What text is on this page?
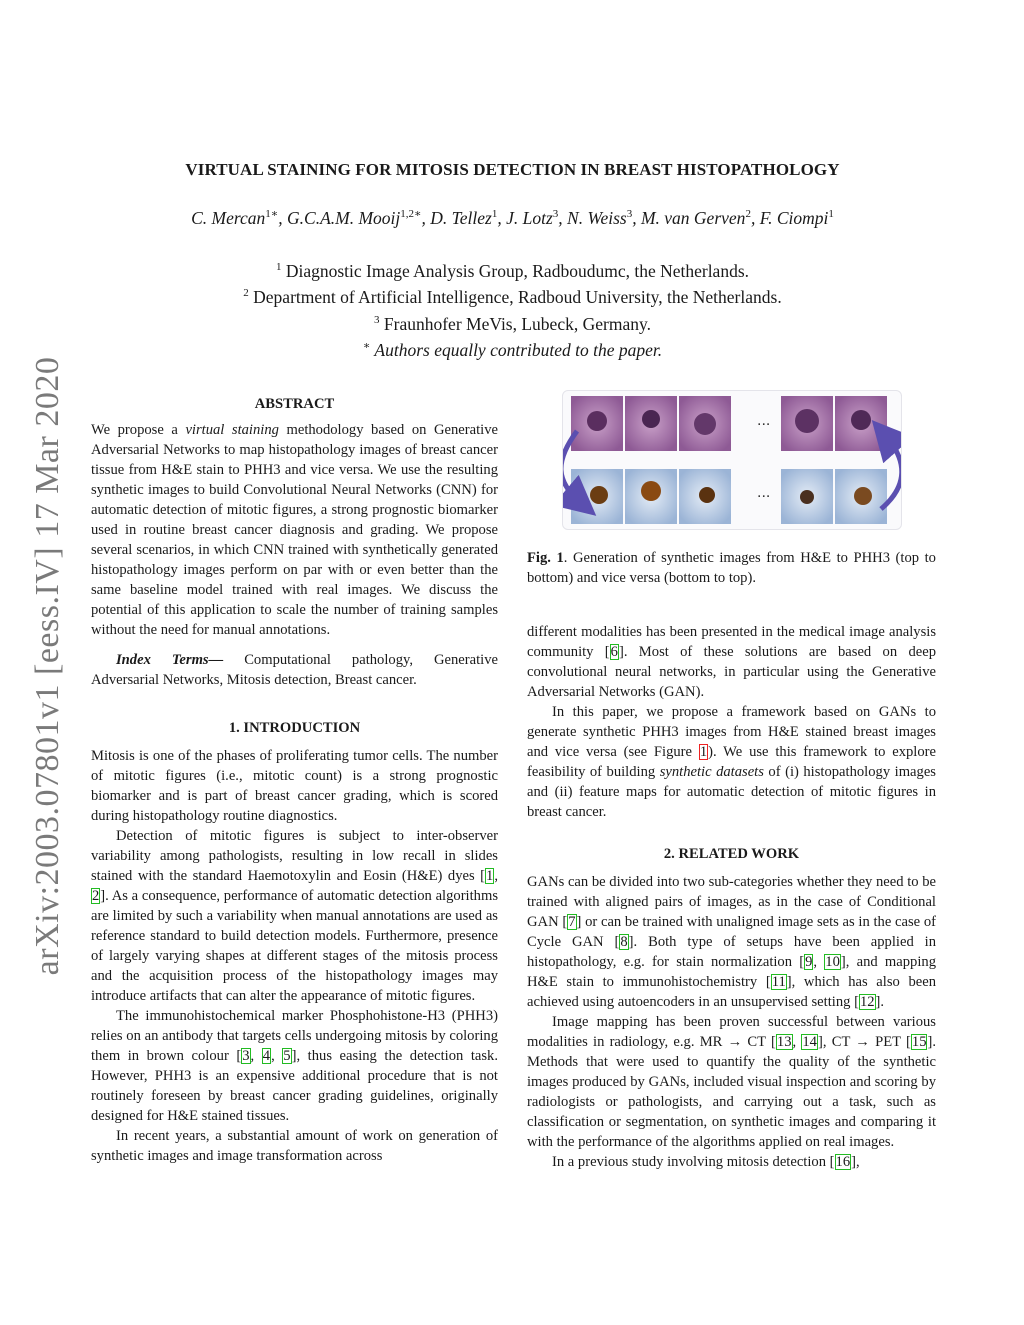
arXiv:2003.07801v1 [eess.IV] 17 Mar 2020
VIRTUAL STAINING FOR MITOSIS DETECTION IN BREAST HISTOPATHOLOGY
C. Mercan$^{1∗}$, G.C.A.M. Mooij$^{1,2∗}$, D. Tellez$^1$, J. Lotz$^3$, N. Weiss$^3$, M. van Gerven$^2$, F. Ciompi$^1$
$^1$ Diagnostic Image Analysis Group, Radboudumc, the Netherlands.
$^2$ Department of Artificial Intelligence, Radboud University, the Netherlands.
$^3$ Fraunhofer MeVis, Lubeck, Germany.
∗ Authors equally contributed to the paper.
ABSTRACT

We propose a virtual staining methodology based on Generative Adversarial Networks to map histopathology images of breast cancer tissue from H&E stain to PHH3 and vice versa. We use the resulting synthetic images to build Convolutional Neural Networks (CNN) for automatic detection of mitotic figures, a strong prognostic biomarker used in routine breast cancer diagnosis and grading. We propose several scenarios, in which CNN trained with synthetically generated histopathology images perform on par with or even better than the same baseline model trained with real images. We discuss the potential of this application to scale the number of training samples without the need for manual annotations.

Index Terms— Computational pathology, Generative Adversarial Networks, Mitosis detection, Breast cancer.

1. INTRODUCTION

Mitosis is one of the phases of proliferating tumor cells. The number of mitotic figures (i.e., mitotic count) is a strong prognostic biomarker and is part of breast cancer grading, which is scored during histopathology routine diagnostics.

Detection of mitotic figures is subject to inter-observer variability among pathologists, resulting in low recall in slides stained with the standard Haemotoxylin and Eosin (H&E) dyes [1, 2]. As a consequence, performance of automatic detection algorithms are limited by such a variability when manual annotations are used as reference standard to build detection models. Furthermore, presence of largely varying shapes at different stages of the mitosis process and the acquisition process of the histopathology images may introduce artifacts that can alter the appearance of mitotic figures.

The immunohistochemical marker Phosphohistone-H3 (PHH3) relies on an antibody that targets cells undergoing mitosis by coloring them in brown colour [3, 4, 5], thus easing the detection task. However, PHH3 is an expensive additional procedure that is not routinely foreseen by breast cancer grading guidelines, originally designed for H&E stained tissues.

In recent years, a substantial amount of work on generation of synthetic images and image transformation across

...
...
Fig. 1. Generation of synthetic images from H&E to PHH3 (top to bottom) and vice versa (bottom to top).

different modalities has been presented in the medical image analysis community [6]. Most of these solutions are based on deep convolutional neural networks, in particular using the Generative Adversarial Networks (GAN).

In this paper, we propose a framework based on GANs to generate synthetic PHH3 images from H&E stained breast images and vice versa (see Figure 1). We use this framework to explore feasibility of building synthetic datasets of (i) histopathology images and (ii) feature maps for automatic detection of mitotic figures in breast cancer.

2. RELATED WORK

GANs can be divided into two sub-categories whether they need to be trained with aligned pairs of images, as in the case of Conditional GAN [7] or can be trained with unaligned image sets as in the case of Cycle GAN [8]. Both type of setups have been applied in histopathology, e.g. for stain normalization [9, 10], and mapping H&E stain to immunohistochemistry [11], which has also been achieved using autoencoders in an unsupervised setting [12].

Image mapping has been proven successful between various modalities in radiology, e.g. MR → CT [13, 14], CT → PET [15]. Methods that were used to quantify the quality of the synthetic images produced by GANs, included visual inspection and scoring by radiologists or pathologists, and carrying out a task, such as classification or segmentation, on synthetic images and comparing it with the performance of the algorithms applied on real images.

In a previous study involving mitosis detection [16],
